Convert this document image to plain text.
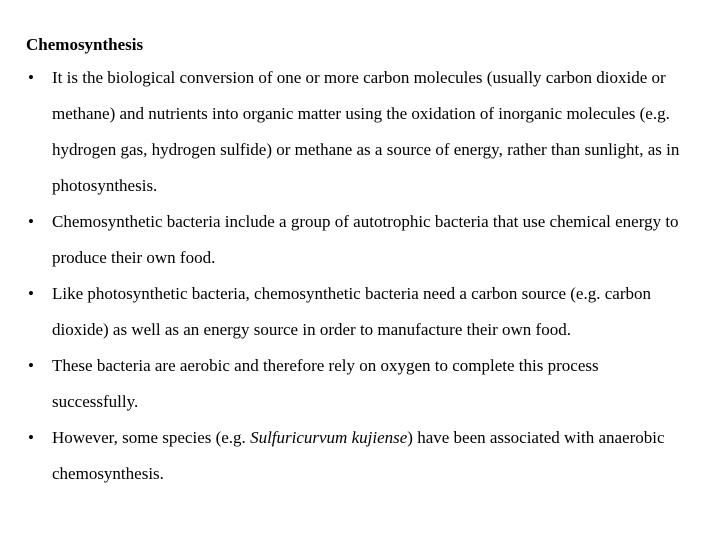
Chemosynthesis
• It is the biological conversion of one or more carbon molecules (usually carbon dioxide or methane) and nutrients into organic matter using the oxidation of inorganic molecules (e.g. hydrogen gas, hydrogen sulfide) or methane as a source of energy, rather than sunlight, as in photosynthesis.
• Chemosynthetic bacteria include a group of autotrophic bacteria that use chemical energy to produce their own food.
• Like photosynthetic bacteria, chemosynthetic bacteria need a carbon source (e.g. carbon dioxide) as well as an energy source in order to manufacture their own food.
• These bacteria are aerobic and therefore rely on oxygen to complete this process successfully.
• However, some species (e.g. Sulfuricurvum kujiense) have been associated with anaerobic chemosynthesis.
